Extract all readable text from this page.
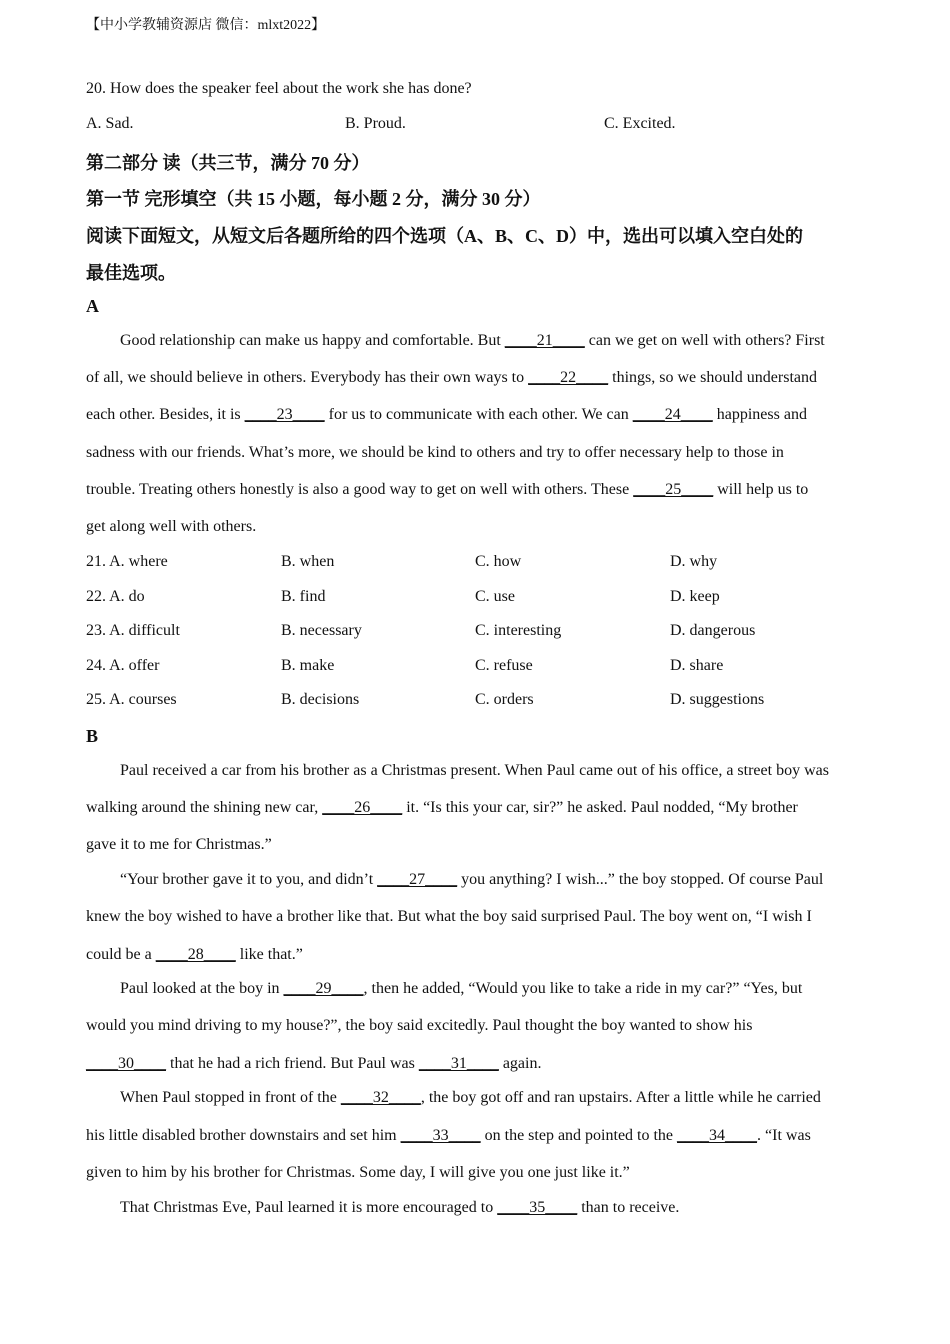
【中小学教辅资源店 微信：mlxt2022】
20. How does the speaker feel about the work she has done?
A. Sad.	B. Proud.	C. Excited.
第二部分 读（共三节，满分 70 分）
第一节 完形填空（共 15 小题，每小题 2 分，满分 30 分）
阅读下面短文，从短文后各题所给的四个选项（A、B、C、D）中，选出可以填入空白处的
最佳选项。
A
Good relationship can make us happy and comfortable. But ____21____ can we get on well with others? First
of all, we should believe in others. Everybody has their own ways to ____22____ things, so we should understand
each other. Besides, it is ____23____ for us to communicate with each other. We can ____24____ happiness and
sadness with our friends. What’s more, we should be kind to others and try to offer necessary help to those in
trouble. Treating others honestly is also a good way to get on well with others. These ____25____ will help us to
get along well with others.
21. A. where	B. when	C. how	D. why
22. A. do	B. find	C. use	D. keep
23. A. difficult	B. necessary	C. interesting	D. dangerous
24. A. offer	B. make	C. refuse	D. share
25. A. courses	B. decisions	C. orders	D. suggestions
B
Paul received a car from his brother as a Christmas present. When Paul came out of his office, a street boy was
walking around the shining new car, ____26____ it. “Is this your car, sir?” he asked. Paul nodded, “My brother
gave it to me for Christmas.”
“Your brother gave it to you, and didn’t ____27____ you anything? I wish...” the boy stopped. Of course Paul
knew the boy wished to have a brother like that. But what the boy said surprised Paul. The boy went on, “I wish I
could be a ____28____ like that.”
Paul looked at the boy in ____29____, then he added, “Would you like to take a ride in my car?” “Yes, but
would you mind driving to my house?”, the boy said excitedly. Paul thought the boy wanted to show his
____30____ that he had a rich friend. But Paul was ____31____ again.
When Paul stopped in front of the ____32____, the boy got off and ran upstairs. After a little while he carried
his little disabled brother downstairs and set him ____33____ on the step and pointed to the ____34____. “It was
given to him by his brother for Christmas. Some day, I will give you one just like it.”
That Christmas Eve, Paul learned it is more encouraged to ____35____ than to receive.
